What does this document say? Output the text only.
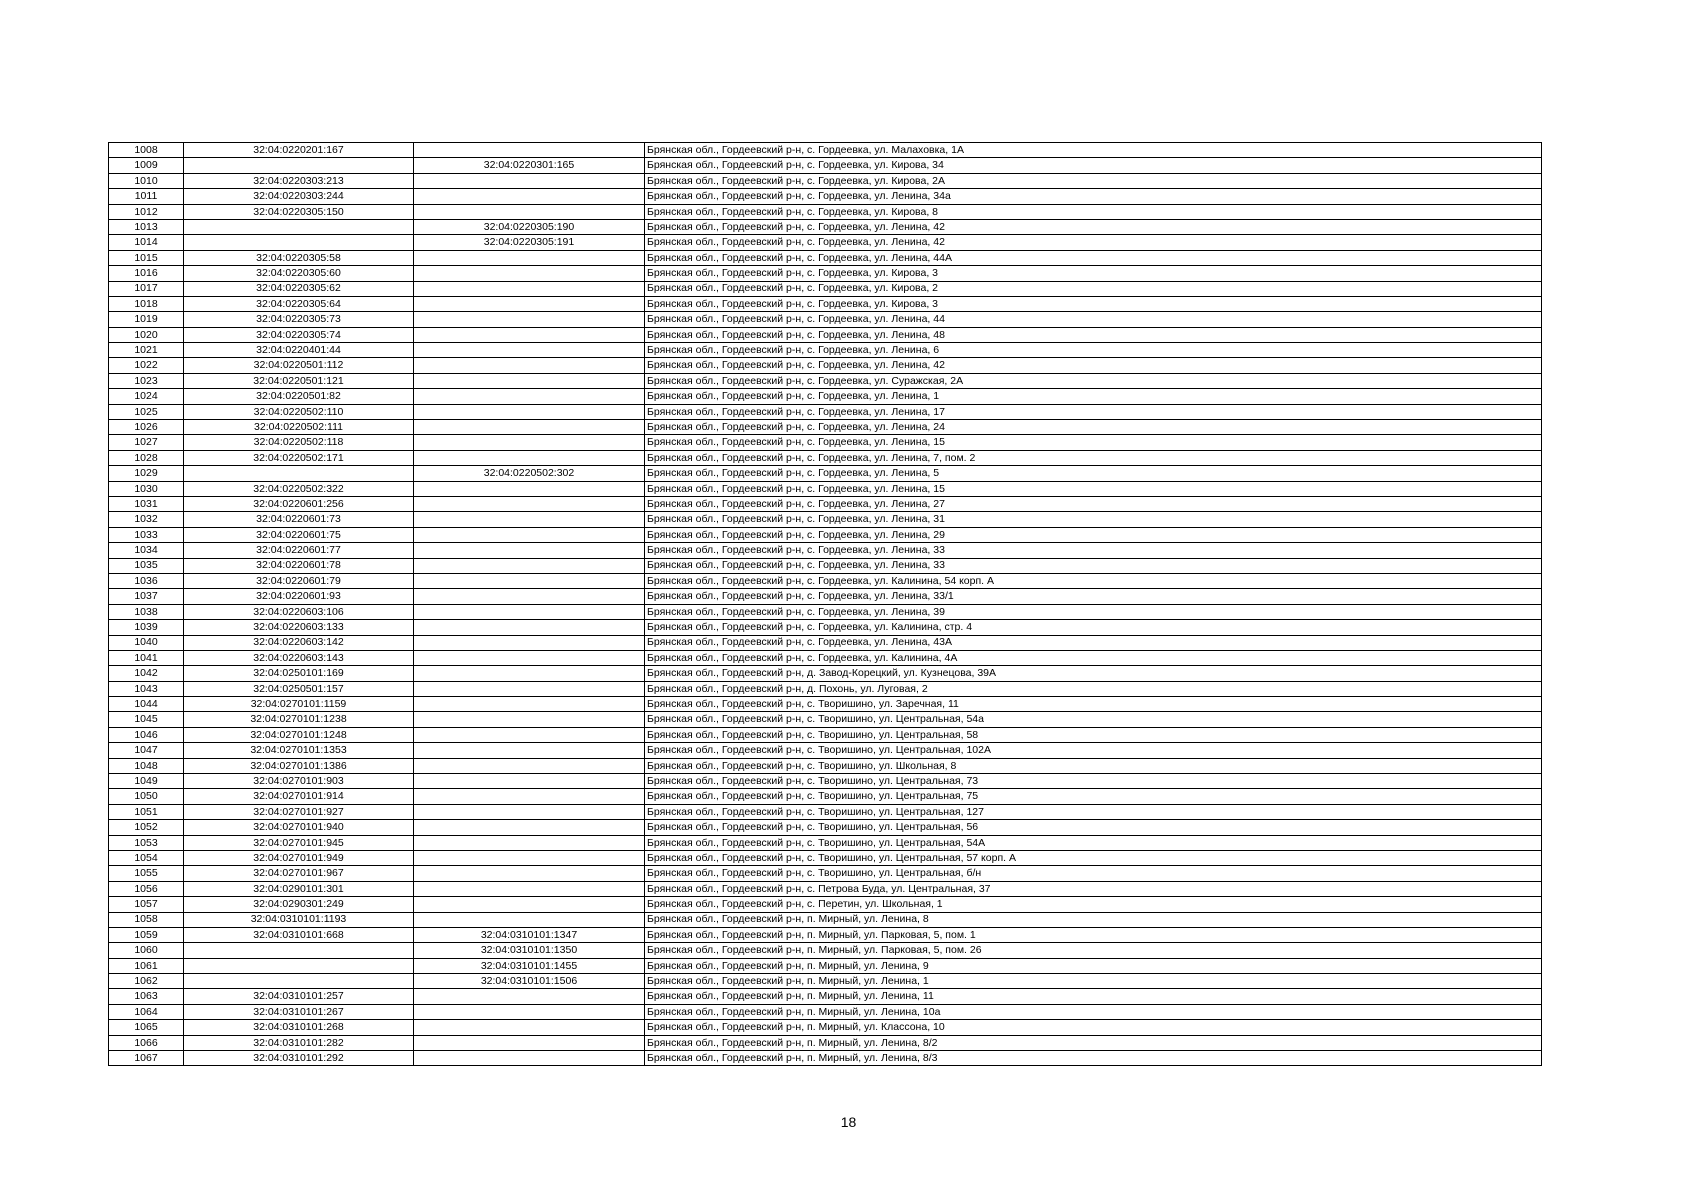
1008	32:04:0220201:167		Брянская обл., Гордеевский р-н, с. Гордеевка, ул. Малаховка, 1А
1009		32:04:0220301:165	Брянская обл., Гордеевский р-н, с. Гордеевка, ул. Кирова, 34
1010	32:04:0220303:213		Брянская обл., Гордеевский р-н, с. Гордеевка, ул. Кирова, 2А
1011	32:04:0220303:244		Брянская обл., Гордеевский р-н, с. Гордеевка, ул. Ленина, 34а
1012	32:04:0220305:150		Брянская обл., Гордеевский р-н, с. Гордеевка, ул. Кирова, 8
1013		32:04:0220305:190	Брянская обл., Гордеевский р-н, с. Гордеевка, ул. Ленина, 42
1014		32:04:0220305:191	Брянская обл., Гордеевский р-н, с. Гордеевка, ул. Ленина, 42
1015	32:04:0220305:58		Брянская обл., Гордеевский р-н, с. Гордеевка, ул. Ленина, 44А
1016	32:04:0220305:60		Брянская обл., Гордеевский р-н, с. Гордеевка, ул. Кирова, 3
1017	32:04:0220305:62		Брянская обл., Гордеевский р-н, с. Гордеевка, ул. Кирова, 2
1018	32:04:0220305:64		Брянская обл., Гордеевский р-н, с. Гордеевка, ул. Кирова, 3
1019	32:04:0220305:73		Брянская обл., Гордеевский р-н, с. Гордеевка, ул. Ленина, 44
1020	32:04:0220305:74		Брянская обл., Гордеевский р-н, с. Гордеевка, ул. Ленина, 48
1021	32:04:0220401:44		Брянская обл., Гордеевский р-н, с. Гордеевка, ул. Ленина, 6
1022	32:04:0220501:112		Брянская обл., Гордеевский р-н, с. Гордеевка, ул. Ленина, 42
1023	32:04:0220501:121		Брянская обл., Гордеевский р-н, с. Гордеевка, ул. Суражская, 2А
1024	32:04:0220501:82		Брянская обл., Гордеевский р-н, с. Гордеевка, ул. Ленина, 1
1025	32:04:0220502:110		Брянская обл., Гордеевский р-н, с. Гордеевка, ул. Ленина, 17
1026	32:04:0220502:111		Брянская обл., Гордеевский р-н, с. Гордеевка, ул. Ленина, 24
1027	32:04:0220502:118		Брянская обл., Гордеевский р-н, с. Гордеевка, ул. Ленина, 15
1028	32:04:0220502:171		Брянская обл., Гордеевский р-н, с. Гордеевка, ул. Ленина, 7, пом. 2
1029		32:04:0220502:302	Брянская обл., Гордеевский р-н, с. Гордеевка, ул. Ленина, 5
1030	32:04:0220502:322		Брянская обл., Гордеевский р-н, с. Гордеевка, ул. Ленина, 15
1031	32:04:0220601:256		Брянская обл., Гордеевский р-н, с. Гордеевка, ул. Ленина, 27
1032	32:04:0220601:73		Брянская обл., Гордеевский р-н, с. Гордеевка, ул. Ленина, 31
1033	32:04:0220601:75		Брянская обл., Гордеевский р-н, с. Гордеевка, ул. Ленина, 29
1034	32:04:0220601:77		Брянская обл., Гордеевский р-н, с. Гордеевка, ул. Ленина, 33
1035	32:04:0220601:78		Брянская обл., Гордеевский р-н, с. Гордеевка, ул. Ленина, 33
1036	32:04:0220601:79		Брянская обл., Гордеевский р-н, с. Гордеевка, ул. Калинина, 54 корп. А
1037	32:04:0220601:93		Брянская обл., Гордеевский р-н, с. Гордеевка, ул. Ленина, 33/1
1038	32:04:0220603:106		Брянская обл., Гордеевский р-н, с. Гордеевка, ул. Ленина, 39
1039	32:04:0220603:133		Брянская обл., Гордеевский р-н, с. Гордеевка, ул. Калинина, стр. 4
1040	32:04:0220603:142		Брянская обл., Гордеевский р-н, с. Гордеевка, ул. Ленина, 43А
1041	32:04:0220603:143		Брянская обл., Гордеевский р-н, с. Гордеевка, ул. Калинина, 4А
1042	32:04:0250101:169		Брянская обл., Гордеевский р-н, д. Завод-Корецкий, ул. Кузнецова, 39А
1043	32:04:0250501:157		Брянская обл., Гордеевский р-н, д. Похонь, ул. Луговая, 2
1044	32:04:0270101:1159		Брянская обл., Гордеевский р-н, с. Творишино, ул. Заречная, 11
1045	32:04:0270101:1238		Брянская обл., Гордеевский р-н, с. Творишино, ул. Центральная, 54а
1046	32:04:0270101:1248		Брянская обл., Гордеевский р-н, с. Творишино, ул. Центральная, 58
1047	32:04:0270101:1353		Брянская обл., Гордеевский р-н, с. Творишино, ул. Центральная, 102А
1048	32:04:0270101:1386		Брянская обл., Гордеевский р-н, с. Творишино, ул. Школьная, 8
1049	32:04:0270101:903		Брянская обл., Гордеевский р-н, с. Творишино, ул. Центральная, 73
1050	32:04:0270101:914		Брянская обл., Гордеевский р-н, с. Творишино, ул. Центральная, 75
1051	32:04:0270101:927		Брянская обл., Гордеевский р-н, с. Творишино, ул. Центральная, 127
1052	32:04:0270101:940		Брянская обл., Гордеевский р-н, с. Творишино, ул. Центральная, 56
1053	32:04:0270101:945		Брянская обл., Гордеевский р-н, с. Творишино, ул. Центральная, 54А
1054	32:04:0270101:949		Брянская обл., Гордеевский р-н, с. Творишино, ул. Центральная, 57 корп. А
1055	32:04:0270101:967		Брянская обл., Гордеевский р-н, с. Творишино, ул. Центральная, б/н
1056	32:04:0290101:301		Брянская обл., Гордеевский р-н, с. Петрова Буда, ул. Центральная, 37
1057	32:04:0290301:249		Брянская обл., Гордеевский р-н, с. Перетин, ул. Школьная, 1
1058	32:04:0310101:1193		Брянская обл., Гордеевский р-н, п. Мирный, ул. Ленина, 8
1059	32:04:0310101:668	32:04:0310101:1347	Брянская обл., Гордеевский р-н, п. Мирный, ул. Парковая, 5, пом. 1
1060		32:04:0310101:1350	Брянская обл., Гордеевский р-н, п. Мирный, ул. Парковая, 5, пом. 26
1061		32:04:0310101:1455	Брянская обл., Гордеевский р-н, п. Мирный, ул. Ленина, 9
1062		32:04:0310101:1506	Брянская обл., Гордеевский р-н, п. Мирный, ул. Ленина, 1
1063	32:04:0310101:257		Брянская обл., Гордеевский р-н, п. Мирный, ул. Ленина, 11
1064	32:04:0310101:267		Брянская обл., Гордеевский р-н, п. Мирный, ул. Ленина, 10а
1065	32:04:0310101:268		Брянская обл., Гордеевский р-н, п. Мирный, ул. Классона, 10
1066	32:04:0310101:282		Брянская обл., Гордеевский р-н, п. Мирный, ул. Ленина, 8/2
1067	32:04:0310101:292		Брянская обл., Гордеевский р-н, п. Мирный, ул. Ленина, 8/3
18
